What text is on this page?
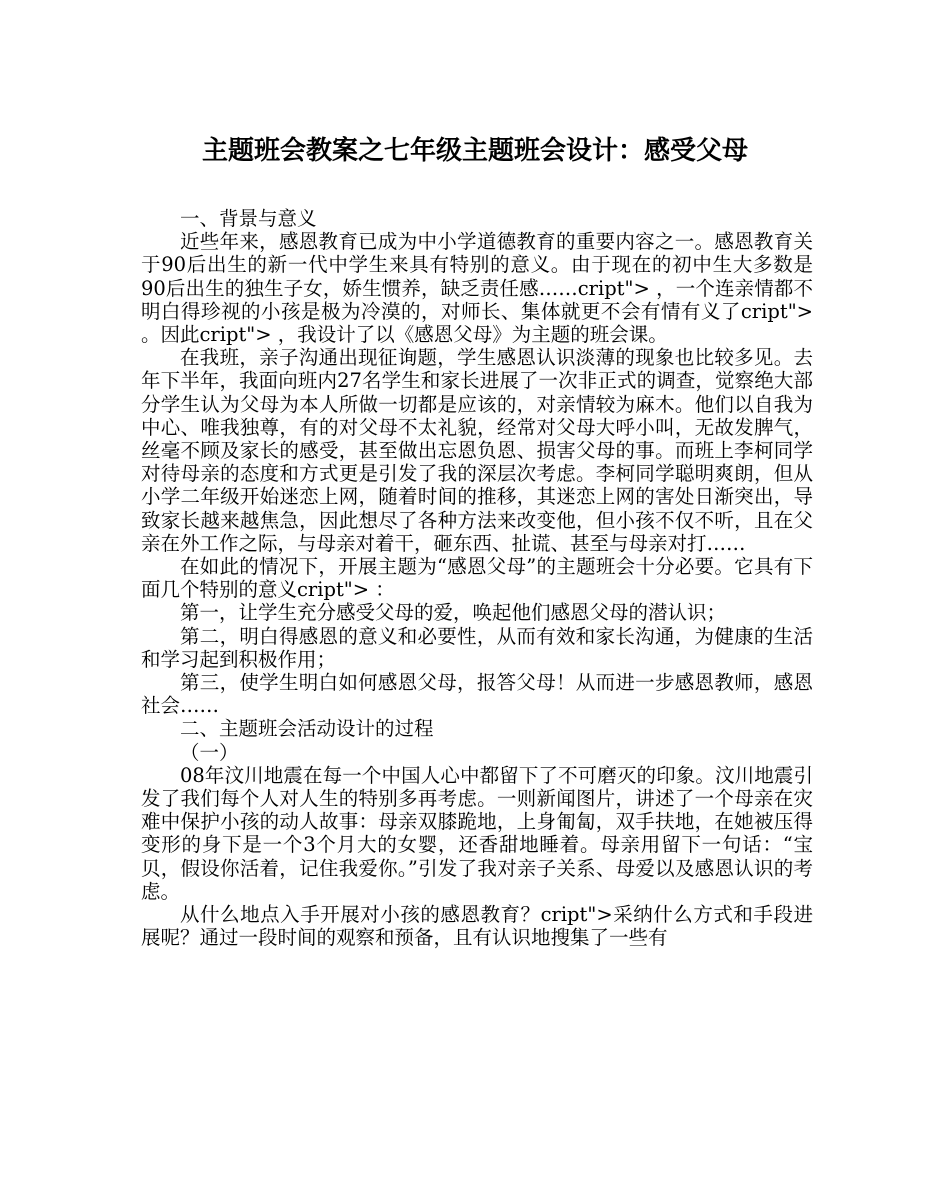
主题班会教案之七年级主题班会设计：感受父母

一、背景与意义

近些年来，感恩教育已成为中小学道德教育的重要内容之一。感恩教育关于90后出生的新一代中学生来具有特别的意义。由于现在的初中生大多数是90后出生的独生子女，娇生惯养，缺乏责任感……cript"> ，一个连亲情都不明白得珍视的小孩是极为冷漠的，对师长、集体就更不会有情有义了cript"> 。因此cript"> ，我设计了以《感恩父母》为主题的班会课。

在我班，亲子沟通出现征询题，学生感恩认识淡薄的现象也比较多见。去年下半年，我面向班内27名学生和家长进展了一次非正式的调查，觉察绝大部分学生认为父母为本人所做一切都是应该的，对亲情较为麻木。他们以自我为中心、唯我独尊，有的对父母不太礼貌，经常对父母大呼小叫，无故发脾气，丝毫不顾及家长的感受，甚至做出忘恩负恩、损害父母的事。而班上李柯同学对待母亲的态度和方式更是引发了我的深层次考虑。李柯同学聪明爽朗，但从小学二年级开始迷恋上网，随着时间的推移，其迷恋上网的害处日渐突出，导致家长越来越焦急，因此想尽了各种方法来改变他，但小孩不仅不听，且在父亲在外工作之际，与母亲对着干，砸东西、扯谎、甚至与母亲对打……

在如此的情况下，开展主题为“感恩父母”的主题班会十分必要。它具有下面几个特别的意义cript"> ：

第一，让学生充分感受父母的爱，唤起他们感恩父母的潜认识；

第二，明白得感恩的意义和必要性，从而有效和家长沟通，为健康的生活和学习起到积极作用；

第三，使学生明白如何感恩父母，报答父母！从而进一步感恩教师，感恩社会……

二、主题班会活动设计的过程

（一）

08年汶川地震在每一个中国人心中都留下了不可磨灭的印象。汶川地震引发了我们每个人对人生的特别多再考虑。一则新闻图片，讲述了一个母亲在灾难中保护小孩的动人故事：母亲双膝跪地，上身匍匐，双手扶地，在她被压得变形的身下是一个3个月大的女婴，还香甜地睡着。母亲用留下一句话：“宝贝，假设你活着，记住我爱你。”引发了我对亲子关系、母爱以及感恩认识的考虑。

从什么地点入手开展对小孩的感恩教育？cript">采纳什么方式和手段进展呢？通过一段时间的观察和预备，且有认识地搜集了一些有
